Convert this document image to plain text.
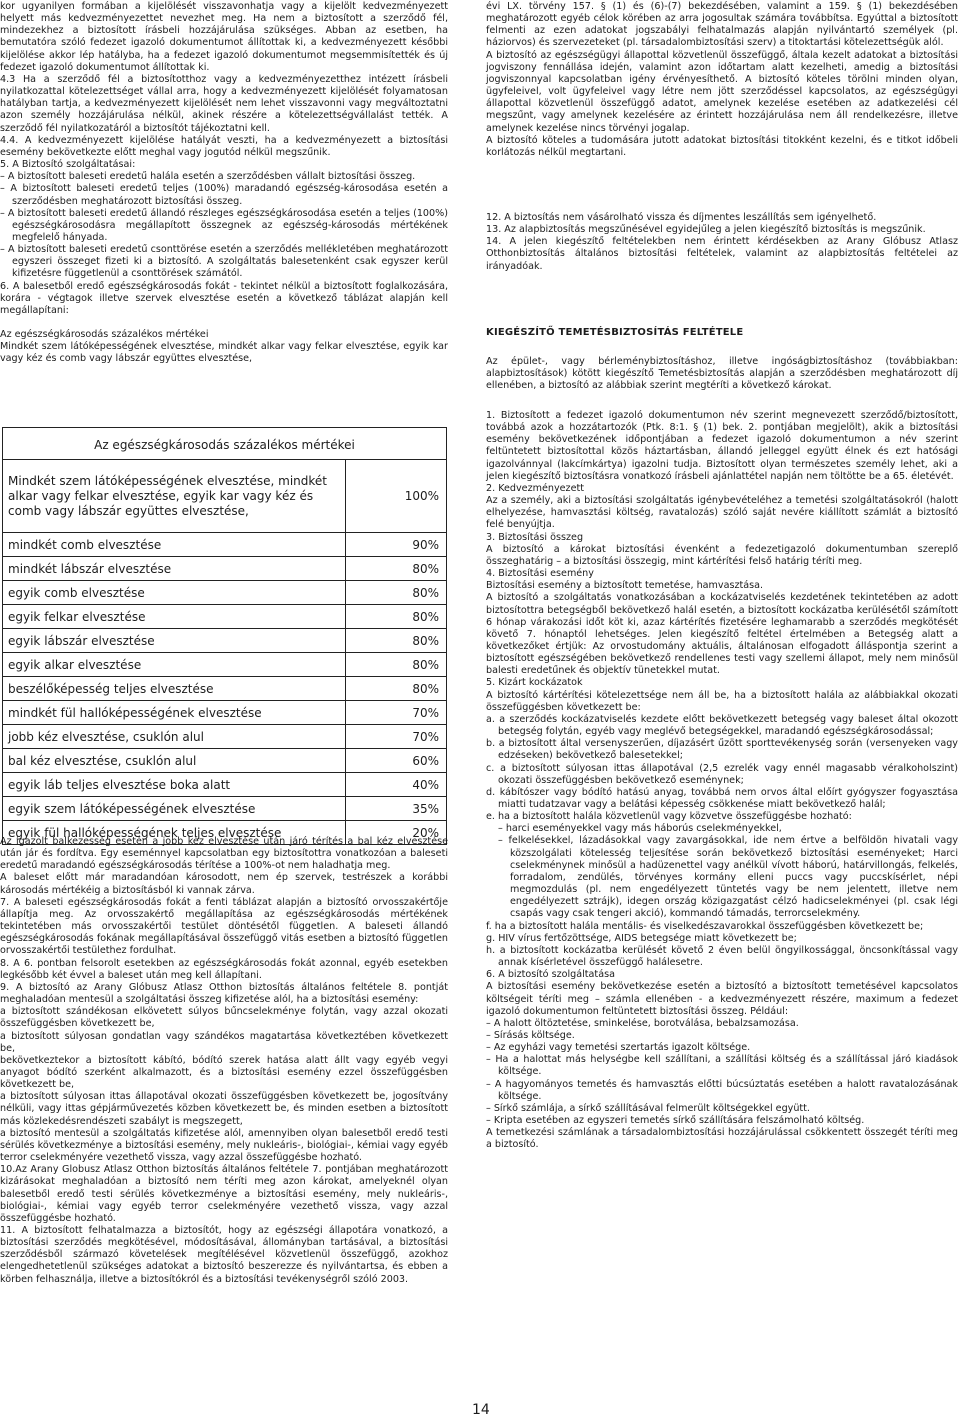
kor ugyanilyen formában a kijelölését visszavonhatja vagy a kijelölt kedvezményezett helyett más kedvezményezettet nevezhet meg. Ha nem a biztosított a szerződő fél, mindezekhez a biztosított írásbeli hozzájárulása szükséges. Abban az esetben, ha bemutatóra szóló fedezet igazoló dokumentumot állítottak ki, a kedvezményezett későbbi kijelölése akkor lép hatályba, ha a fedezet igazoló dokumentumot megsemmisítették és új fedezet igazoló dokumentumot állítottak ki.

4.3 Ha a szerződő fél a biztosítotthoz vagy a kedvezményezetthez intézett írásbeli nyilatkozattal kötelezettséget vállal arra, hogy a kedvezményezett kijelölését folyamatosan hatályban tartja, a kedvezményezett kijelölését nem lehet visszavonni vagy megváltoztatni azon személy hozzájárulása nélkül, akinek részére a kötelezettségvállalást tették. A szerződő fél nyilatkozatáról a biztosítót tájékoztatni kell.

4.4. A kedvezményezett kijelölése hatályát veszti, ha a kedvezményezett a biztosítási esemény bekövetkezte előtt meghal vagy jogutód nélkül megszűnik.

5. A Biztosító szolgáltatásai:

– A biztosított baleseti eredetű halála esetén a szerződésben vállalt biztosítási összeg.

– A biztosított baleseti eredetű teljes (100%) maradandó egészség-károsodása esetén a szerződésben meghatározott biztosítási összeg.

– A biztosított baleseti eredetű állandó részleges egészségkárosodása esetén a teljes (100%) egészségkárosodásra megállapított összegnek az egészség-károsodás mértékének megfelelő hányada.

– A biztosított baleseti eredetű csonttörése esetén a szerződés mellékletében meghatározott egyszeri összeget fizeti ki a biztosító. A szolgáltatás balesetenként csak egyszer kerül kifizetésre függetlenül a csonttörések számától.

6. A balesetből eredő egészségkárosodás fokát - tekintet nélkül a biztosított foglalkozására, korára - végtagok illetve szervek elvesztése esetén a következő táblázat alapján kell megállapítani:

Az egészségkárosodás százalékos mértékei

Mindkét szem látóképességének elvesztése, mindkét alkar vagy felkar elvesztése, egyik kar vagy kéz és comb vagy lábszár együttes elvesztése,

Az egészségkárosodás százalékos mértékei	
Mindkét szem látóképességének elvesztése, mindkét alkar vagy felkar elvesztése, egyik kar vagy kéz és comb vagy lábszár együttes elvesztése,	100%
mindkét comb elvesztése	90%
mindkét lábszár elvesztése	80%
egyik comb elvesztése	80%
egyik felkar elvesztése	80%
egyik lábszár elvesztése	80%
egyik alkar elvesztése	80%
beszélőképesség teljes elvesztése	80%
mindkét fül hallóképességének elvesztése	70%
jobb kéz elvesztése, csuklón alul	70%
bal kéz elvesztése, csuklón alul	60%
egyik láb teljes elvesztése boka alatt	40%
egyik szem látóképességének elvesztése	35%
egyik fül hallóképességének teljes elvesztése	20%

Az igazolt balkezesség esetén a jobb kéz elvesztése után járó térítés a bal kéz elvesztése után jár és fordítva. Egy eseménnyel kapcsolatban egy biztosítottra vonatkozóan a baleseti eredetű maradandó egészségkárosodás térítése a 100%-ot nem haladhatja meg.

A baleset előtt már maradandóan károsodott, nem ép szervek, testrészek a korábbi károsodás mértékéig a biztosításból ki vannak zárva.

7. A baleseti egészségkárosodás fokát a fenti táblázat alapján a biztosító orvosszakértője állapítja meg. Az orvosszakértő megállapítása az egészségkárosodás mértékének tekintetében más orvosszakértői testület döntésétől független. A baleseti állandó egészségkárosodás fokának megállapításával összefüggő vitás esetben a biztosító független orvosszakértői testülethez fordulhat.

8. A 6. pontban felsorolt esetekben az egészségkárosodás fokát azonnal, egyéb esetekben legkésőbb két évvel a baleset után meg kell állapítani.

9. A biztosító az Arany Glóbusz Atlasz Otthon biztosítás általános feltétele 8. pontját meghaladóan mentesül a szolgáltatási összeg kifizetése alól, ha a biztosítási esemény:

a biztosított szándékosan elkövetett súlyos bűncselekménye folytán, vagy azzal okozati összefüggésben következett be,

a biztosított súlyosan gondatlan vagy szándékos magatartása következtében következett be,

bekövetkeztekor a biztosított kábító, bódító szerek hatása alatt állt vagy egyéb vegyi anyagot bódító szerként alkalmazott, és a biztosítási esemény ezzel összefüggésben következett be,

a biztosított súlyosan ittas állapotával okozati összefüggésben következett be, jogosítvány nélküli, vagy ittas gépjárművezetés közben következett be, és minden esetben a biztosított más közlekedésrendészeti szabályt is megszegett,

a biztosító mentesül a szolgáltatás kifizetése alól, amennyiben olyan balesetből eredő testi sérülés következménye a biztosítási esemény, mely nukleáris-, biológiai-, kémiai vagy egyéb terror cselekményére vezethető vissza, vagy azzal összefüggésbe hozható.

10.Az Arany Globusz Atlasz Otthon biztosítás általános feltétele 7. pontjában meghatározott kizárásokat meghaladóan a biztosító nem téríti meg azon károkat, amelyeknél olyan balesetből eredő testi sérülés következménye a biztosítási esemény, mely nukleáris-, biológiai-, kémiai vagy egyéb terror cselekményére vezethető vissza, vagy azzal összefüggésbe hozható.

11. A biztosított felhatalmazza a biztosítót, hogy az egészségi állapotára vonatkozó, a biztosítási szerződés megkötésével, módosításával, állományban tartásával, a biztosítási szerződésből származó követelések megítélésével közvetlenül összefüggő, azokhoz elengedhetetlenül szükséges adatokat a biztosító beszerezze és nyilvántartsa, és ebben a körben felhasználja, illetve a biztosítókról és a biztosítási tevékenységről szóló 2003.

évi LX. törvény 157. § (1) és (6)-(7) bekezdésében, valamint a 159. § (1) bekezdésében meghatározott egyéb célok körében az arra jogosultak számára továbbítsa. Egyúttal a biztosított felmenti az ezen adatokat jogszabályi felhatalmazás alapján nyilvántartó személyek (pl. háziorvos) és szervezeteket (pl. társadalombiztosítási szerv) a titoktartási kötelezettségük alól.

A biztosító az egészségügyi állapottal közvetlenül összefüggő, általa kezelt adatokat a biztosítási jogviszony fennállása idején, valamint azon időtartam alatt kezelheti, amedig a biztosítási jogviszonnyal kapcsolatban igény érvényesíthető. A biztosító köteles törölni minden olyan, ügyfeleivel, volt ügyfeleivel vagy létre nem jött szerződéssel kapcsolatos, az egészségügyi állapottal közvetlenül összefüggő adatot, amelynek kezelése esetében az adatkezelési cél megszűnt, vagy amelynek kezelésére az érintett hozzájárulása nem áll rendelkezésre, illetve amelynek kezelése nincs törvényi jogalap.

A biztosító köteles a tudomására jutott adatokat biztosítási titokként kezelni, és e titkot időbeli korlátozás nélkül megtartani.

12. A biztosítás nem vásárolható vissza és díjmentes leszállítás sem igényelhető.

13. Az alapbiztosítás megszűnésével egyidejűleg a jelen kiegészítő biztosítás is megszűnik.

14. A jelen kiegészítő feltételekben nem érintett kérdésekben az Arany Glóbusz Atlasz Otthonbiztosítás általános biztosítási feltételek, valamint az alapbiztosítás feltételei az irányadóak.

KIEGÉSZÍTŐ TEMETÉSBIZTOSÍTÁS FELTÉTELE

Az épület-, vagy bérleménybiztosításhoz, illetve ingóságbiztosításhoz (továbbiakban: alapbiztosítások) kötött kiegészítő Temetésbiztosítás alapján a szerződésben meghatározott díj ellenében, a biztosító az alábbiak szerint megtéríti a következő károkat.

1. Biztosított a fedezet igazoló dokumentumon név szerint megnevezett szerződő/biztosított, továbbá azok a hozzátartozók (Ptk. 8:1. § (1) bek. 2. pontjában megjelölt), akik a biztosítási esemény bekövetkezének időpontjában a fedezet igazoló dokumentumon a név szerint feltüntetett biztosítottal közös háztartásban, állandó jelleggel együtt élnek és ezt hatósági igazolvánnyal (lakcímkártya) igazolni tudja. Biztosított olyan természetes személy lehet, aki a jelen kiegészítő biztosításra vonatkozó írásbeli ajánlattétel napján nem töltötte be a 65. életévét.

2. Kedvezményezett

Az a személy, aki a biztosítási szolgáltatás igénybevételéhez a temetési szolgáltatásokról (halott elhelyezése, hamvasztási költség, ravatalozás) szóló saját nevére kiállított számlát a biztosító felé benyújtja.

3. Biztosítási összeg

A biztosító a károkat biztosítási évenként a fedezetigazoló dokumentumban szereplő összeghatárig – a biztosítási összegig, mint kártérítési felső határig téríti meg.

4. Biztosítási esemény

Biztosítási esemény a biztosított temetése, hamvasztása.

A biztosító a szolgáltatás vonatkozásában a kockázatviselés kezdetének tekintetében az adott biztosítottra betegségből bekövetkező halál esetén, a biztosított kockázatba kerülésétől számított 6 hónap várakozási időt köt ki, azaz kártérítés fizetésére leghamarabb a szerződés megkötését követő 7. hónaptól lehetséges. Jelen kiegészítő feltétel értelmében a Betegség alatt a következőket értjük: Az orvostudomány aktuális, általánosan elfogadott álláspontja szerint a biztosított egészségében bekövetkező rendellenes testi vagy szellemi állapot, mely nem minősül balesti eredetűnek és objektív tünetekkel mutat.

5. Kizárt kockázatok

A biztosító kártérítési kötelezettsége nem áll be, ha a biztosított halála az alábbiakkal okozati összefüggésben következett be:

a. a szerződés kockázatviselés kezdete előtt bekövetkezett betegség vagy baleset által okozott betegség folytán, egyéb vagy meglévő betegségekkel, maradandó egészségkárosodással;

b. a biztosított által versenyszerűen, díjazásért űzött sporttevékenység során (versenyeken vagy edzéseken) bekövetkező balesetekkel;

c. a biztosított súlyosan ittas állapotával (2,5 ezrelék vagy ennél magasabb véralkoholszint) okozati összefüggésben bekövetkező eseménynek;

d. kábítószer vagy bódító hatású anyag, továbbá nem orvos által előírt gyógyszer fogyasztása miatti tudatzavar vagy a belátási képesség csökkenése miatt bekövetkező halál;

e. ha a biztosított halála közvetlenül vagy közvetve összefüggésbe hozható:

– harci eseményekkel vagy más háborús cselekményekkel,

– felkelésekkel, lázadásokkal vagy zavargásokkal, ide nem értve a belföldön hivatali vagy közszolgálati kötelesség teljesítése során bekövetkező biztosítási eseményeket; Harci cselekménynek minősül a hadüzenettel vagy anélkül vívott háború, határvillongás, felkelés, forradalom, zendülés, törvényes kormány elleni puccs vagy puccskísérlet, népi megmozdulás (pl. nem engedélyezett tüntetés vagy be nem jelentett, illetve nem engedélyezett sztrájk), idegen ország közigazgatást célzó hadicselekményei (pl. csak légi csapás vagy csak tengeri akció), kommandó támadás, terrorcselekmény.

f. ha a biztosított halála mentális- és viselkedészavarokkal összefüggésben következett be;

g. HIV vírus fertőzöttsége, AIDS betegsége miatt következett be;

h. a biztosított kockázatba kerülését követő 2 éven belül öngyilkossággal, öncsonkítással vagy annak kísérletével összefüggő halálesetre.

6. A biztosító szolgáltatása

A biztosítási esemény bekövetkezése esetén a biztosító a biztosított temetésével kapcsolatos költségeit téríti meg – számla ellenében - a kedvezményezett részére, maximum a fedezet igazoló dokumentumon feltüntetett biztosítási összeg. Például:

– A halott öltöztetése, sminkelése, borotválása, bebalzsamozása.

– Sírásás költsége.

– Az egyházi vagy temetési szertartás igazolt költsége.

– Ha a halottat más helységbe kell szállítani, a szállítási költség és a szállítással járó kiadások költsége.

– A hagyományos temetés és hamvasztás előtti búcsúztatás esetében a halott ravatalozásának költsége.

– Sírkő számlája, a sírkő szállításával felmerült költségekkel együtt.

– Kripta esetében az egyszeri temetés sírkő szállítására felszámolható költség.

A temetkezési számlának a társadalombiztosítási hozzájárulással csökkentett összegét téríti meg a biztosító.

14
